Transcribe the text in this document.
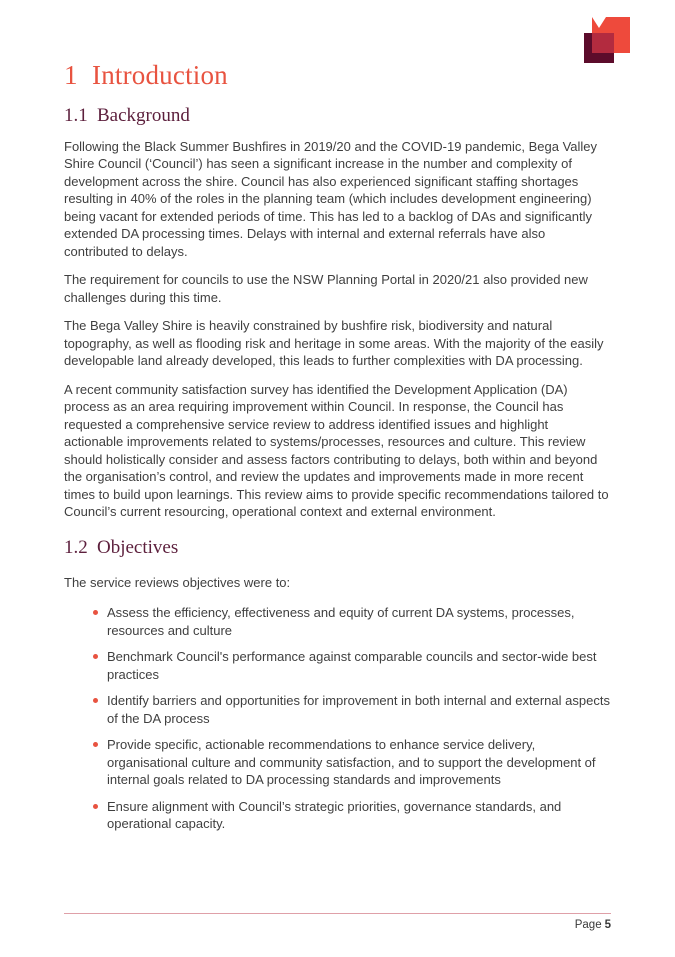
1 Introduction
1.1 Background

Following the Black Summer Bushfires in 2019/20 and the COVID-19 pandemic, Bega Valley Shire Council (‘Council’) has seen a significant increase in the number and complexity of development across the shire. Council has also experienced significant staffing shortages resulting in 40% of the roles in the planning team (which includes development engineering) being vacant for extended periods of time. This has led to a backlog of DAs and significantly extended DA processing times. Delays with internal and external referrals have also contributed to delays.

The requirement for councils to use the NSW Planning Portal in 2020/21 also provided new challenges during this time.

The Bega Valley Shire is heavily constrained by bushfire risk, biodiversity and natural topography, as well as flooding risk and heritage in some areas. With the majority of the easily developable land already developed, this leads to further complexities with DA processing.

A recent community satisfaction survey has identified the Development Application (DA) process as an area requiring improvement within Council. In response, the Council has requested a comprehensive service review to address identified issues and highlight actionable improvements related to systems/processes, resources and culture. This review should holistically consider and assess factors contributing to delays, both within and beyond the organisation’s control, and review the updates and improvements made in more recent times to build upon learnings. This review aims to provide specific recommendations tailored to Council’s current resourcing, operational context and external environment.

1.2 Objectives

The service reviews objectives were to:

Assess the efficiency, effectiveness and equity of current DA systems, processes, resources and culture
Benchmark Council's performance against comparable councils and sector-wide best practices
Identify barriers and opportunities for improvement in both internal and external aspects of the DA process
Provide specific, actionable recommendations to enhance service delivery, organisational culture and community satisfaction, and to support the development of internal goals related to DA processing standards and improvements
Ensure alignment with Council’s strategic priorities, governance standards, and operational capacity.
Page 5
